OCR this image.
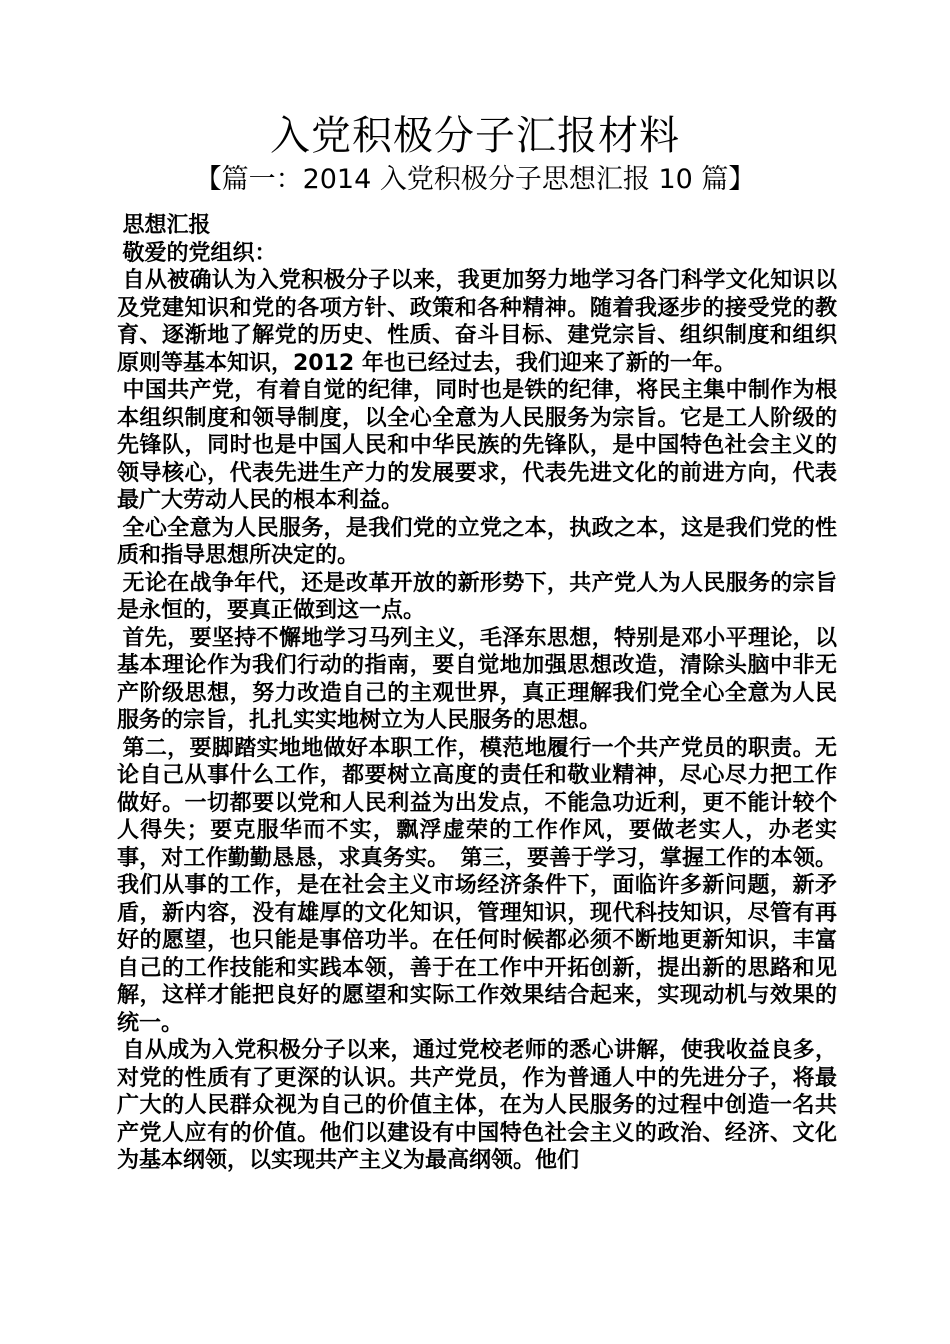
入党积极分子汇报材料
【篇一：2014 入党积极分子思想汇报 10 篇】

思想汇报

敬爱的党组织：

自从被确认为入党积极分子以来，我更加努力地学习各门科学文化知识以及党建知识和党的各项方针、政策和各种精神。随着我逐步的接受党的教育、逐渐地了解党的历史、性质、奋斗目标、建党宗旨、组织制度和组织原则等基本知识，2012 年也已经过去，我们迎来了新的一年。

中国共产党，有着自觉的纪律，同时也是铁的纪律，将民主集中制作为根本组织制度和领导制度，以全心全意为人民服务为宗旨。它是工人阶级的先锋队，同时也是中国人民和中华民族的先锋队，是中国特色社会主义的领导核心，代表先进生产力的发展要求，代表先进文化的前进方向，代表最广大劳动人民的根本利益。

全心全意为人民服务，是我们党的立党之本，执政之本，这是我们党的性质和指导思想所决定的。

无论在战争年代，还是改革开放的新形势下，共产党人为人民服务的宗旨是永恒的，要真正做到这一点。

首先，要坚持不懈地学习马列主义，毛泽东思想，特别是邓小平理论，以基本理论作为我们行动的指南，要自觉地加强思想改造，清除头脑中非无产阶级思想，努力改造自己的主观世界，真正理解我们党全心全意为人民服务的宗旨，扎扎实实地树立为人民服务的思想。

第二，要脚踏实地地做好本职工作，模范地履行一个共产党员的职责。无论自己从事什么工作，都要树立高度的责任和敬业精神，尽心尽力把工作做好。一切都要以党和人民利益为出发点，不能急功近利，更不能计较个人得失；要克服华而不实，飘浮虚荣的工作作风，要做老实人，办老实事，对工作勤勤恳恳，求真务实。　第三，要善于学习，掌握工作的本领。我们从事的工作，是在社会主义市场经济条件下，面临许多新问题，新矛盾，新内容，没有雄厚的文化知识，管理知识，现代科技知识，尽管有再好的愿望，也只能是事倍功半。在任何时候都必须不断地更新知识，丰富自己的工作技能和实践本领，善于在工作中开拓创新，提出新的思路和见解，这样才能把良好的愿望和实际工作效果结合起来，实现动机与效果的统一。

自从成为入党积极分子以来，通过党校老师的悉心讲解，使我收益良多，对党的性质有了更深的认识。共产党员，作为普通人中的先进分子，将最广大的人民群众视为自己的价值主体，在为人民服务的过程中创造一名共产党人应有的价值。他们以建设有中国特色社会主义的政治、经济、文化为基本纲领，以实现共产主义为最高纲领。他们
